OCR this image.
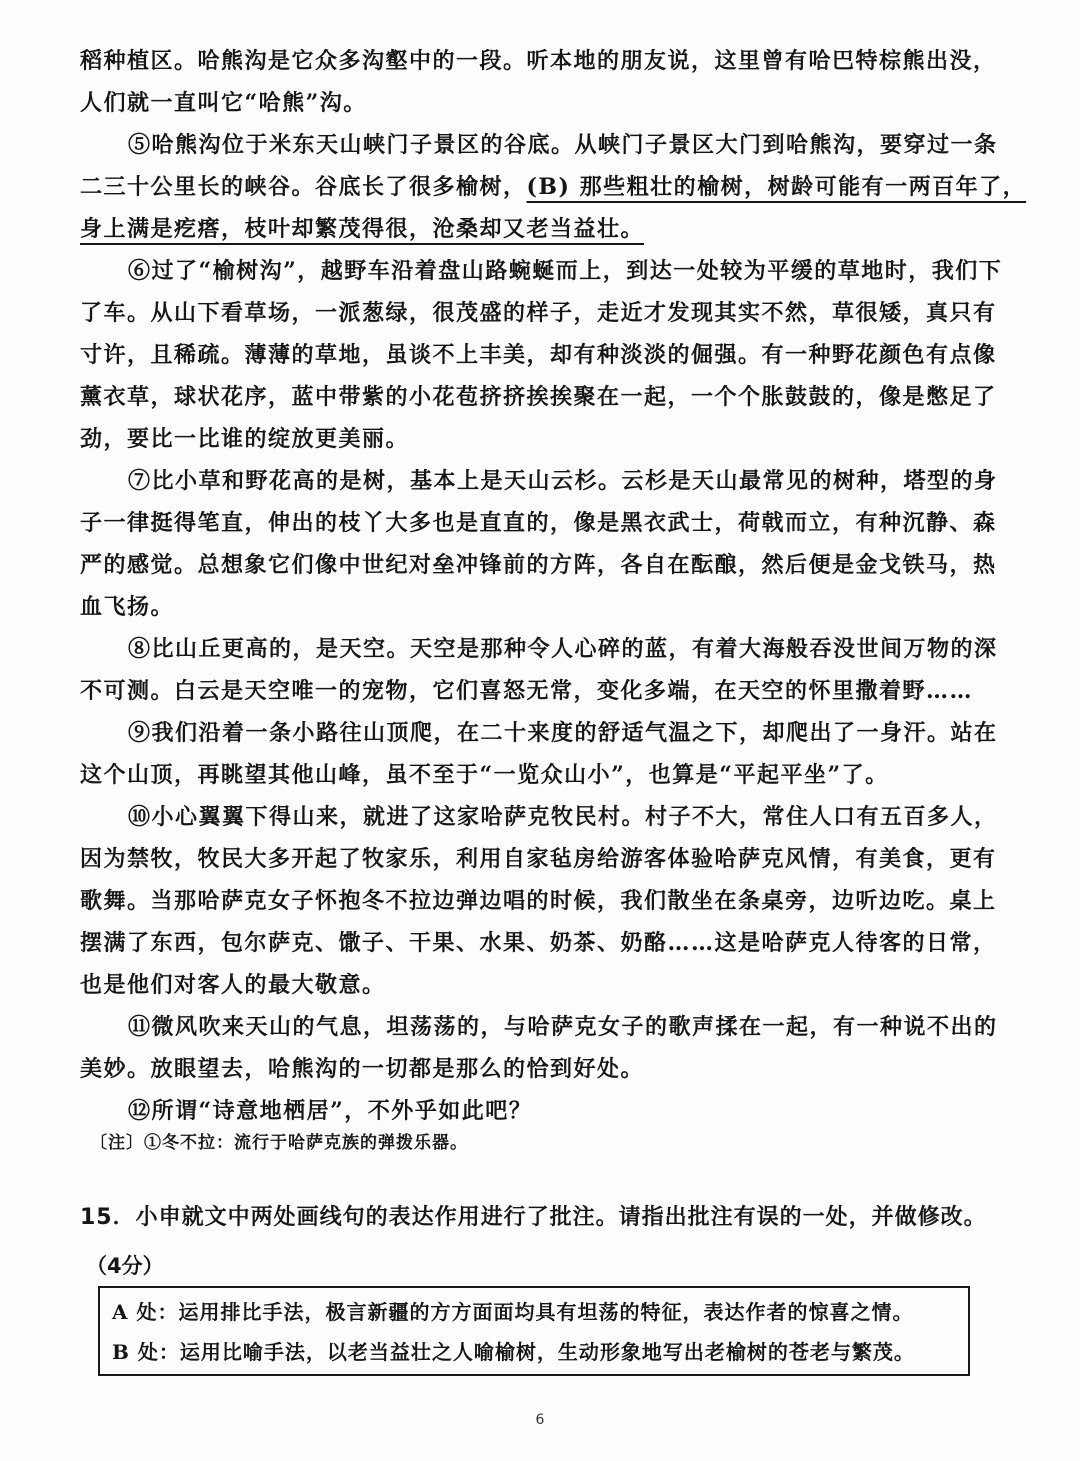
稻种植区。哈熊沟是它众多沟壑中的一段。听本地的朋友说，这里曾有哈巴特棕熊出没，
人们就一直叫它“哈熊”沟。
⑤哈熊沟位于米东天山峡门子景区的谷底。从峡门子景区大门到哈熊沟，要穿过一条
二三十公里长的峡谷。谷底长了很多榆树，(B) 那些粗壮的榆树，树龄可能有一两百年了，
身上满是疙瘩，枝叶却繁茂得很，沧桑却又老当益壮。
⑥过了“榆树沟”，越野车沿着盘山路蜿蜒而上，到达一处较为平缓的草地时，我们下
了车。从山下看草场，一派葱绿，很茂盛的样子，走近才发现其实不然，草很矮，真只有
寸许，且稀疏。薄薄的草地，虽谈不上丰美，却有种淡淡的倔强。有一种野花颜色有点像
薰衣草，球状花序，蓝中带紫的小花苞挤挤挨挨聚在一起，一个个胀鼓鼓的，像是憋足了
劲，要比一比谁的绽放更美丽。
⑦比小草和野花高的是树，基本上是天山云杉。云杉是天山最常见的树种，塔型的身
子一律挺得笔直，伸出的枝丫大多也是直直的，像是黑衣武士，荷戟而立，有种沉静、森
严的感觉。总想象它们像中世纪对垒冲锋前的方阵，各自在酝酿，然后便是金戈铁马，热
血飞扬。
⑧比山丘更高的，是天空。天空是那种令人心碎的蓝，有着大海般吞没世间万物的深
不可测。白云是天空唯一的宠物，它们喜怒无常，变化多端，在天空的怀里撒着野……
⑨我们沿着一条小路往山顶爬，在二十来度的舒适气温之下，却爬出了一身汗。站在
这个山顶，再眺望其他山峰，虽不至于“一览众山小”，也算是“平起平坐”了。
⑩小心翼翼下得山来，就进了这家哈萨克牧民村。村子不大，常住人口有五百多人，
因为禁牧，牧民大多开起了牧家乐，利用自家毡房给游客体验哈萨克风情，有美食，更有
歌舞。当那哈萨克女子怀抱冬不拉边弹边唱的时候，我们散坐在条桌旁，边听边吃。桌上
摆满了东西，包尔萨克、馓子、干果、水果、奶茶、奶酪……这是哈萨克人待客的日常，
也是他们对客人的最大敬意。
⑪微风吹来天山的气息，坦荡荡的，与哈萨克女子的歌声揉在一起，有一种说不出的
美妙。放眼望去，哈熊沟的一切都是那么的恰到好处。
⑫所谓“诗意地栖居”，不外乎如此吧？
〔注〕①冬不拉：流行于哈萨克族的弹拨乐器。
15．小申就文中两处画线句的表达作用进行了批注。请指出批注有误的一处，并做修改。
（4分）
A 处：运用排比手法，极言新疆的方方面面均具有坦荡的特征，表达作者的惊喜之情。
B 处：运用比喻手法，以老当益壮之人喻榆树，生动形象地写出老榆树的苍老与繁茂。
6
